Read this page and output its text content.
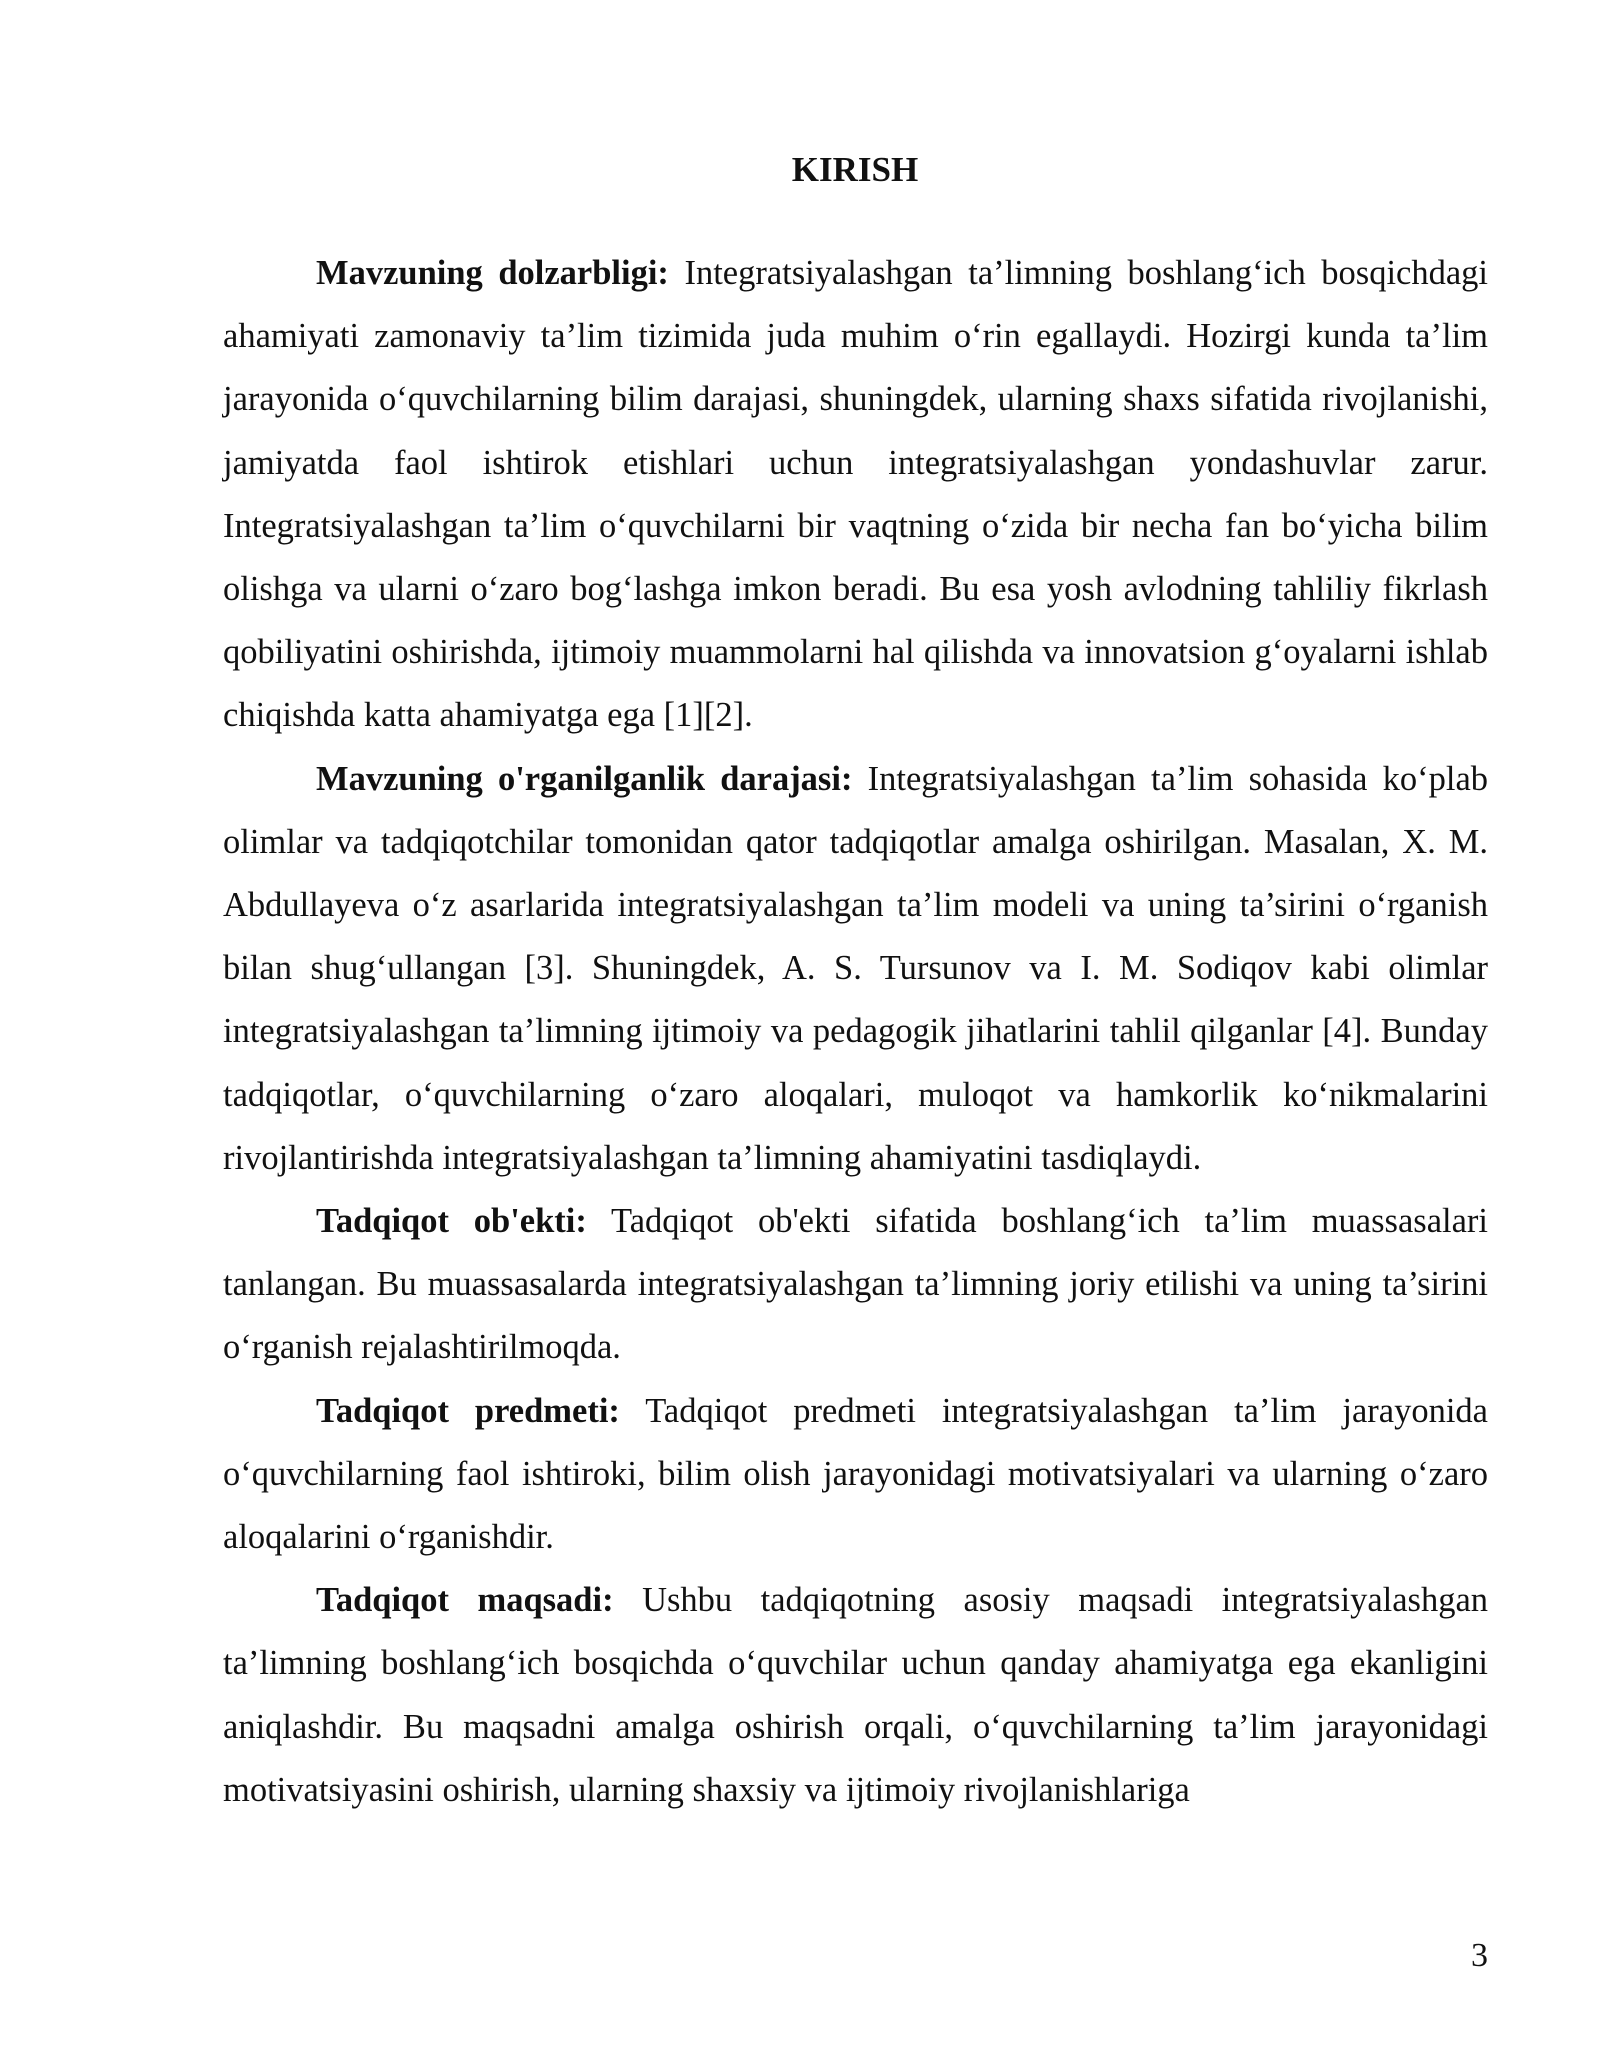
KIRISH

Mavzuning dolzarbligi: Integratsiyalashgan ta’limning boshlang‘ich bosqichdagi ahamiyati zamonaviy ta’lim tizimida juda muhim o‘rin egallaydi. Hozirgi kunda ta’lim jarayonida o‘quvchilarning bilim darajasi, shuningdek, ularning shaxs sifatida rivojlanishi, jamiyatda faol ishtirok etishlari uchun integratsiyalashgan yondashuvlar zarur. Integratsiyalashgan ta’lim o‘quvchilarni bir vaqtning o‘zida bir necha fan bo‘yicha bilim olishga va ularni o‘zaro bog‘lashga imkon beradi. Bu esa yosh avlodning tahliliy fikrlash qobiliyatini oshirishda, ijtimoiy muammolarni hal qilishda va innovatsion g‘oyalarni ishlab chiqishda katta ahamiyatga ega [1][2].

Mavzuning o'rganilganlik darajasi: Integratsiyalashgan ta’lim sohasida ko‘plab olimlar va tadqiqotchilar tomonidan qator tadqiqotlar amalga oshirilgan. Masalan, X. M. Abdullayeva o‘z asarlarida integratsiyalashgan ta’lim modeli va uning ta’sirini o‘rganish bilan shug‘ullangan [3]. Shuningdek, A. S. Tursunov va I. M. Sodiqov kabi olimlar integratsiyalashgan ta’limning ijtimoiy va pedagogik jihatlarini tahlil qilganlar [4]. Bunday tadqiqotlar, o‘quvchilarning o‘zaro aloqalari, muloqot va hamkorlik ko‘nikmalarini rivojlantirishda integratsiyalashgan ta’limning ahamiyatini tasdiqlaydi.

Tadqiqot ob'ekti: Tadqiqot ob'ekti sifatida boshlang‘ich ta’lim muassasalari tanlangan. Bu muassasalarda integratsiyalashgan ta’limning joriy etilishi va uning ta’sirini o‘rganish rejalashtirilmoqda.

Tadqiqot predmeti: Tadqiqot predmeti integratsiyalashgan ta’lim jarayonida o‘quvchilarning faol ishtiroki, bilim olish jarayonidagi motivatsiyalari va ularning o‘zaro aloqalarini o‘rganishdir.

Tadqiqot maqsadi: Ushbu tadqiqotning asosiy maqsadi integratsiyalashgan ta’limning boshlang‘ich bosqichda o‘quvchilar uchun qanday ahamiyatga ega ekanligini aniqlashdir. Bu maqsadni amalga oshirish orqali, o‘quvchilarning ta’lim jarayonidagi motivatsiyasini oshirish, ularning shaxsiy va ijtimoiy rivojlanishlariga

3
